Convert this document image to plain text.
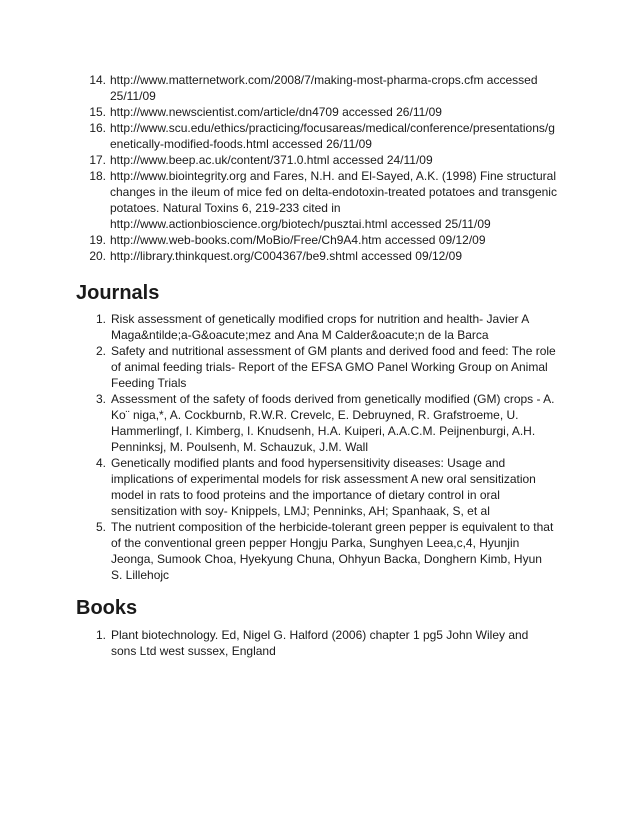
14. http://www.matternetwork.com/2008/7/making-most-pharma-crops.cfm accessed 25/11/09
15. http://www.newscientist.com/article/dn4709 accessed 26/11/09
16. http://www.scu.edu/ethics/practicing/focusareas/medical/conference/presentations/g enetically-modified-foods.html accessed 26/11/09
17. http://www.beep.ac.uk/content/371.0.html accessed 24/11/09
18. http://www.biointegrity.org and Fares, N.H. and El-Sayed, A.K. (1998) Fine structural changes in the ileum of mice fed on delta-endotoxin-treated potatoes and transgenic potatoes. Natural Toxins 6, 219-233 cited in http://www.actionbioscience.org/biotech/pusztai.html accessed 25/11/09
19. http://www.web-books.com/MoBio/Free/Ch9A4.htm accessed 09/12/09
20. http://library.thinkquest.org/C004367/be9.shtml accessed 09/12/09
Journals
1. Risk assessment of genetically modified crops for nutrition and health- Javier A Maga&ntilde;a-G&oacute;mez and Ana M Calder&oacute;n de la Barca
2. Safety and nutritional assessment of GM plants and derived food and feed: The role of animal feeding trials- Report of the EFSA GMO Panel Working Group on Animal Feeding Trials
3. Assessment of the safety of foods derived from genetically modified (GM) crops - A. Ko¨ niga,*, A. Cockburnb, R.W.R. Crevelc, E. Debruyned, R. Grafstroeme, U. Hammerlingf, I. Kimberg, I. Knudsenh, H.A. Kuiperi, A.A.C.M. Peijnenburgi, A.H. Penninksj, M. Poulsenh, M. Schauzuk, J.M. Wall
4. Genetically modified plants and food hypersensitivity diseases: Usage and implications of experimental models for risk assessment A new oral sensitization model in rats to food proteins and the importance of dietary control in oral sensitization with soy- Knippels, LMJ; Penninks, AH; Spanhaak, S, et al
5. The nutrient composition of the herbicide-tolerant green pepper is equivalent to that of the conventional green pepper Hongju Parka, Sunghyen Leea,c,4, Hyunjin Jeonga, Sumook Choa, Hyekyung Chuna, Ohhyun Backa, Donghern Kimb, Hyun S. Lillehojc
Books
1. Plant biotechnology. Ed, Nigel G. Halford (2006) chapter 1 pg5 John Wiley and sons Ltd west sussex, England
